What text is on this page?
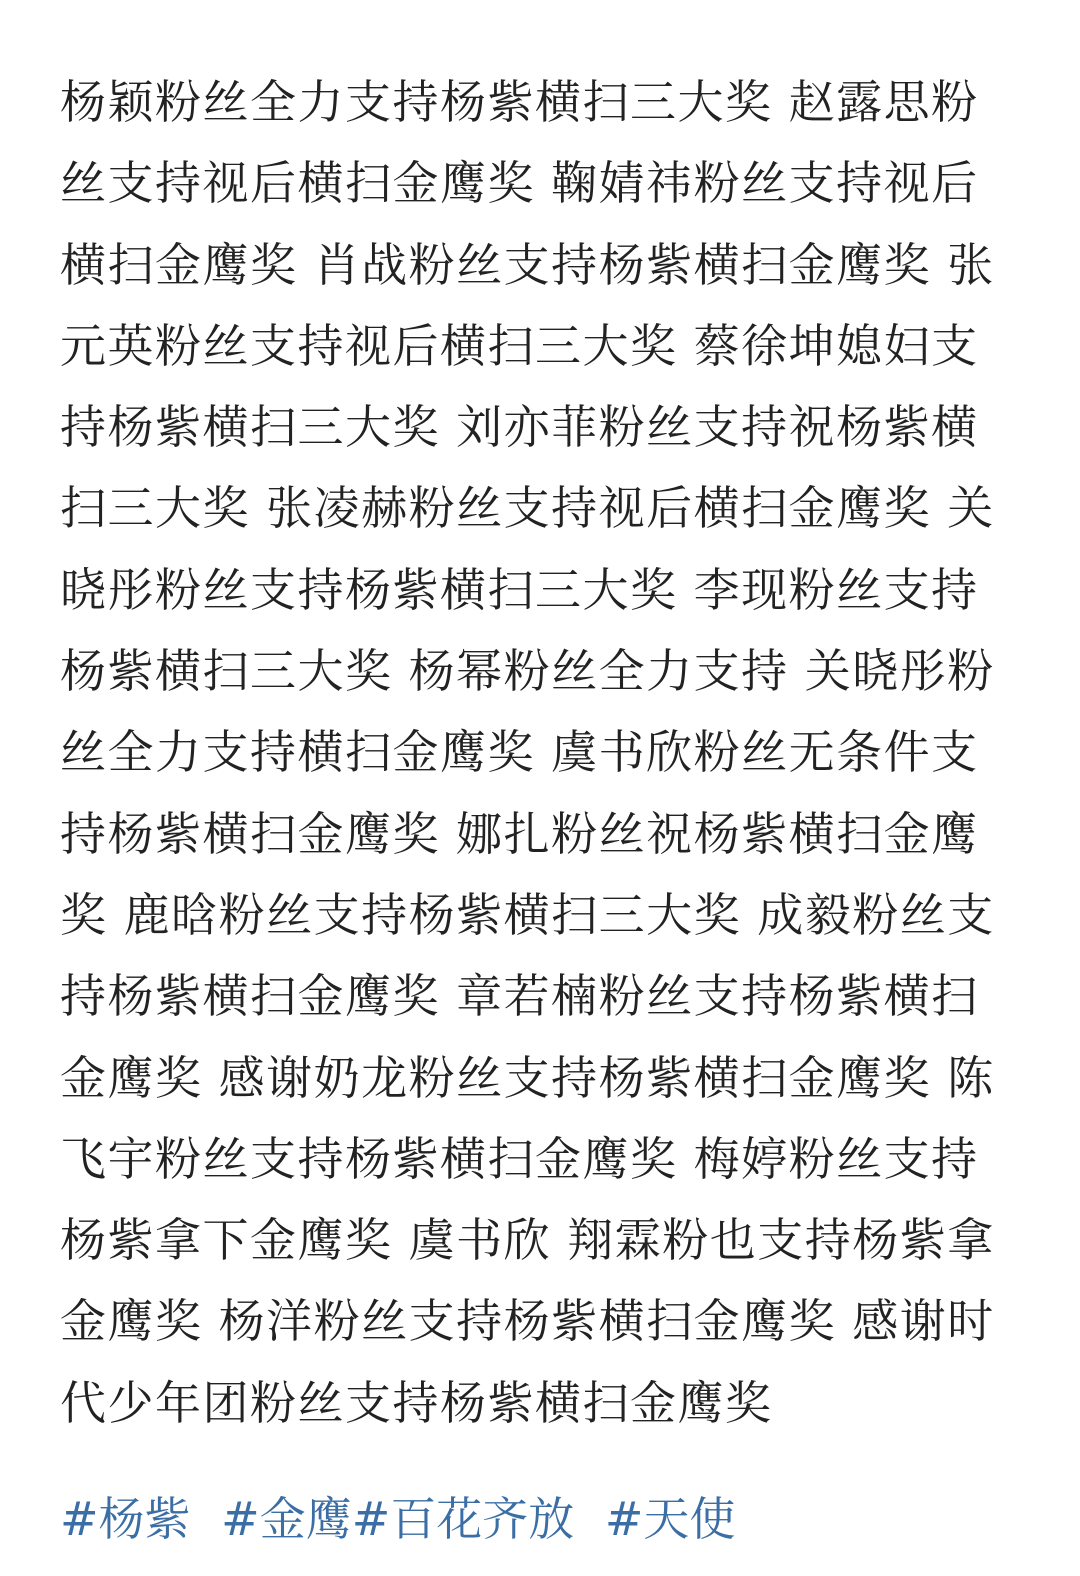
杨颖粉丝全力支持杨紫横扫三大奖 赵露思粉丝支持视后横扫金鹰奖 鞠婧祎粉丝支持视后横扫金鹰奖 肖战粉丝支持杨紫横扫金鹰奖 张元英粉丝支持视后横扫三大奖 蔡徐坤媳妇支持杨紫横扫三大奖 刘亦菲粉丝支持祝杨紫横扫三大奖 张凌赫粉丝支持视后横扫金鹰奖 关晓彤粉丝支持杨紫横扫三大奖 李现粉丝支持杨紫横扫三大奖 杨幂粉丝全力支持 关晓彤粉丝全力支持横扫金鹰奖 虞书欣粉丝无条件支持杨紫横扫金鹰奖 娜扎粉丝祝杨紫横扫金鹰奖 鹿晗粉丝支持杨紫横扫三大奖 成毅粉丝支持杨紫横扫金鹰奖 章若楠粉丝支持杨紫横扫金鹰奖 感谢奶龙粉丝支持杨紫横扫金鹰奖 陈飞宇粉丝支持杨紫横扫金鹰奖 梅婷粉丝支持杨紫拿下金鹰奖 虞书欣 翔霖粉也支持杨紫拿金鹰奖 杨洋粉丝支持杨紫横扫金鹰奖 感谢时代少年团粉丝支持杨紫横扫金鹰奖

#杨紫 #金鹰#百花齐放 #天使
